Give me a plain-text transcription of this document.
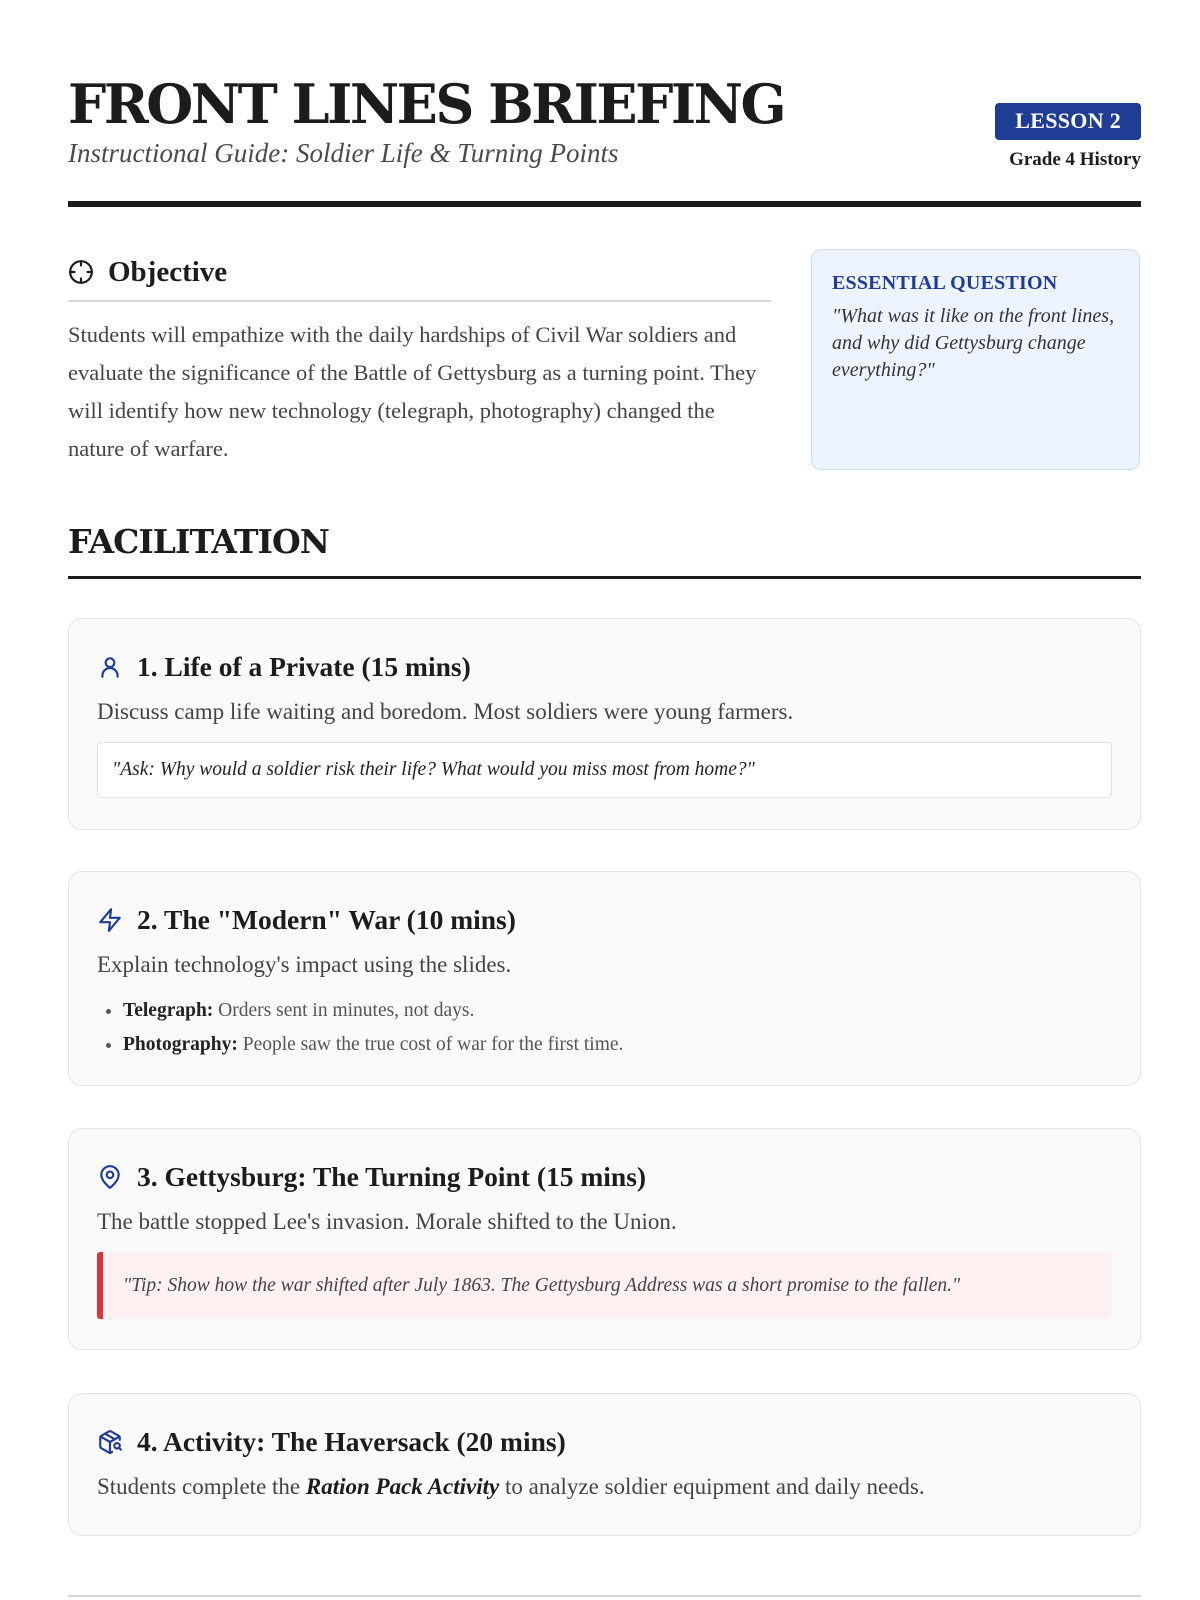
FRONT LINES BRIEFING
Instructional Guide: Soldier Life & Turning Points
LESSON 2
Grade 4 History
Objective
Students will empathize with the daily hardships of Civil War soldiers and evaluate the significance of the Battle of Gettysburg as a turning point. They will identify how new technology (telegraph, photography) changed the nature of warfare.
ESSENTIAL QUESTION
"What was it like on the front lines, and why did Gettysburg change everything?"
FACILITATION
1. Life of a Private (15 mins)
Discuss camp life waiting and boredom. Most soldiers were young farmers.
"Ask: Why would a soldier risk their life? What would you miss most from home?"
2. The "Modern" War (10 mins)
Explain technology's impact using the slides.
• Telegraph: Orders sent in minutes, not days.
• Photography: People saw the true cost of war for the first time.
3. Gettysburg: The Turning Point (15 mins)
The battle stopped Lee's invasion. Morale shifted to the Union.
"Tip: Show how the war shifted after July 1863. The Gettysburg Address was a short promise to the fallen."
4. Activity: The Haversack (20 mins)
Students complete the Ration Pack Activity to analyze soldier equipment and daily needs.
